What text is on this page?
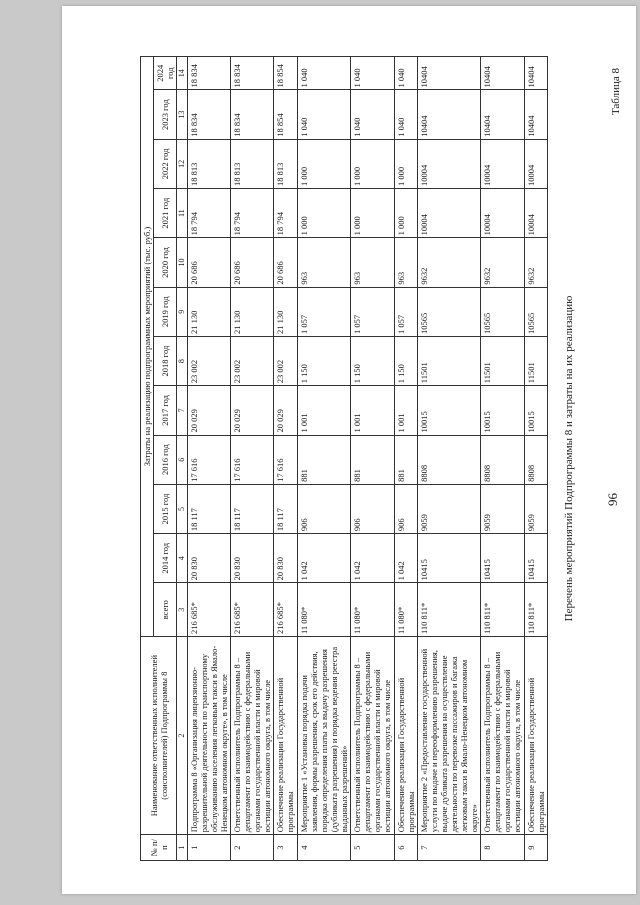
96
Таблица 8
Перечень мероприятий Подпрограммы 8 и затраты на их реализацию
№ п/п	Наименование ответственных исполнителей (соисполнителей) Подпрограммы 8	Затраты на реализацию подпрограммных мероприятий (тыс. руб.)											
		всего	2014 год	2015 год	2016 год	2017 год	2018 год	2019 год	2020 год	2021 год	2022 год	2023 год	2024 год
1	2	3	4	5	6	7	8	9	10	11	12	13	14
1	Подпрограмма 8 «Организация лицензионно-разрешительной деятельности по транспортному обслуживанию населения легковым такси в Ямало-Ненецком автономном округе», в том числе	216 685*	20 830	18 117	17 616	20 029	23 002	21 130	20 686	18 794	18 813	18 834	18 834
2	Ответственный исполнитель Подпрограммы 8 – департамент по взаимодействию с федеральными органами государственной власти и мировой юстиции автономного округа, в том числе	216 685*	20 830	18 117	17 616	20 029	23 002	21 130	20 686	18 794	18 813	18 834	18 834
3	Обеспечение реализации Государственной программы	216 685*	20 830	18 117	17 616	20 029	23 002	21 130	20 686	18 794	18 813	18 854	18 854
4	Мероприятие 1 «Установка порядка подачи заявления, формы разрешения, срок его действия, порядка определения платы за выдачу разрешения (дубликата разрешения) и порядка ведения реестра выданных разрешений»	11 080*	1 042	906	881	1 001	1 150	1 057	963	1 000	1 000	1 040	1 040
5	Ответственный исполнитель Подпрограммы 8 – департамент по взаимодействию с федеральными органами государственной власти и мировой юстиции автономного округа, в том числе	11 080*	1 042	906	881	1 001	1 150	1 057	963	1 000	1 000	1 040	1 040
6	Обеспечение реализации Государственной программы	11 080*	1 042	906	881	1 001	1 150	1 057	963	1 000	1 000	1 040	1 040
7	Мероприятие 2 «Предоставление государственной услуги по выдаче и переоформлению разрешения, выдаче дубликата разрешения на осуществление деятельности по перевозке пассажиров и багажа легковым такси в Ямало-Ненецком автономном округе»	110 811*	10415	9059	8808	10015	11501	10565	9632	10004	10004	10404	10404
8	Ответственный исполнитель Подпрограммы 8 – департамент по взаимодействию с федеральными органами государственной власти и мировой юстиции автономного округа, в том числе	110 811*	10415	9059	8808	10015	11501	10565	9632	10004	10004	10404	10404
9	Обеспечение реализации Государственной программы	110 811*	10415	9059	8808	10015	11501	10565	9632	10004	10004	10404	10404
